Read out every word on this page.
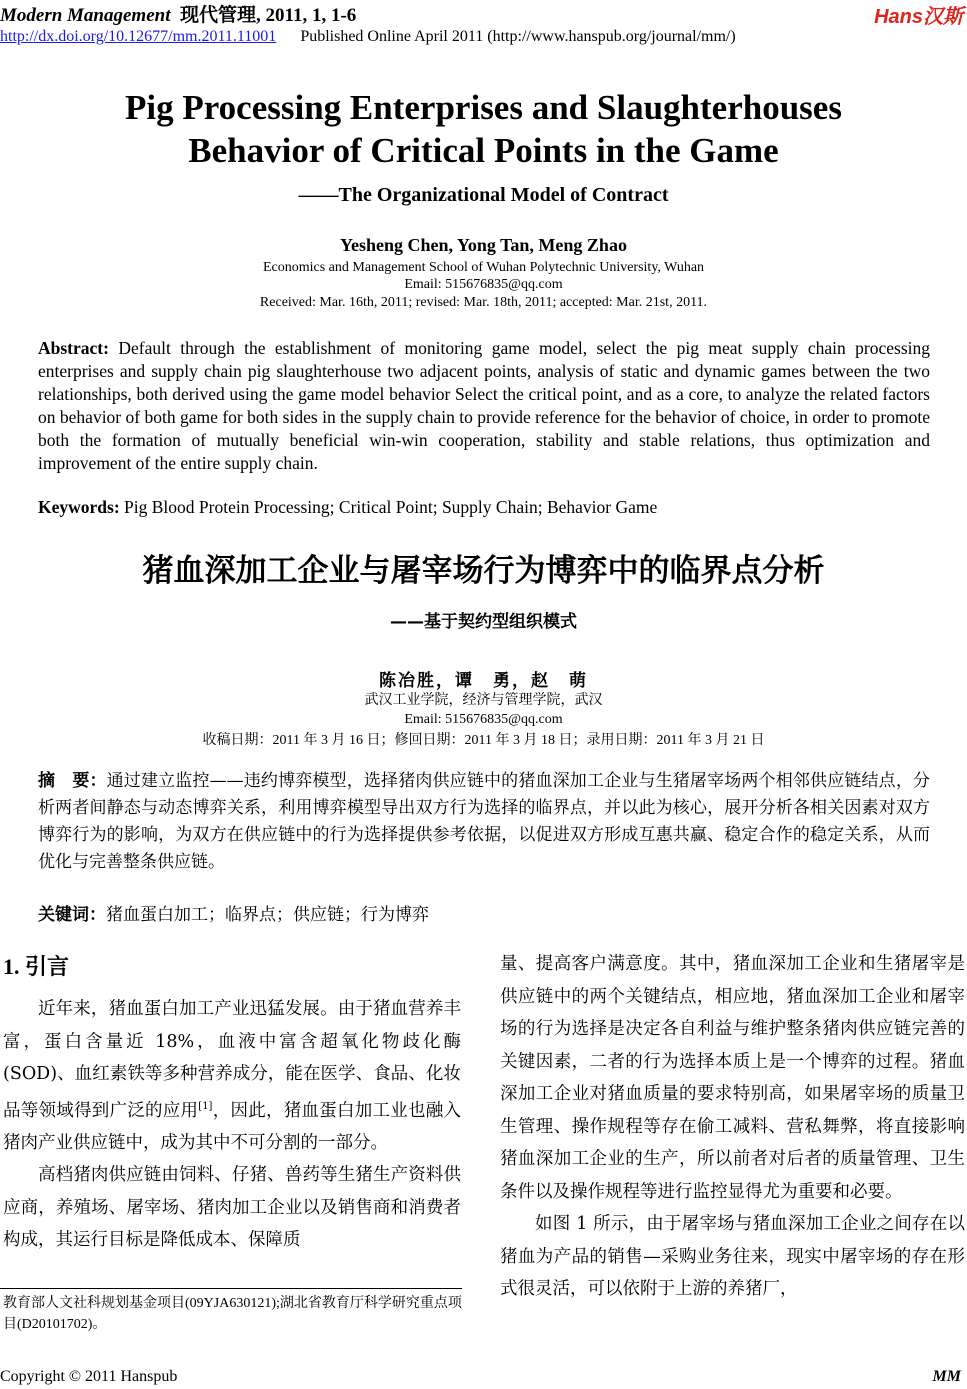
Modern Management 现代管理, 2011, 1, 1-6	Hans汉斯
http://dx.doi.org/10.12677/mm.2011.11001 Published Online April 2011 (http://www.hanspub.org/journal/mm/)
Pig Processing Enterprises and Slaughterhouses
Behavior of Critical Points in the Game
——The Organizational Model of Contract
Yesheng Chen, Yong Tan, Meng Zhao
Economics and Management School of Wuhan Polytechnic University, Wuhan
Email: 515676835@qq.com
Received: Mar. 16th, 2011; revised: Mar. 18th, 2011; accepted: Mar. 21st, 2011.
Abstract: Default through the establishment of monitoring game model, select the pig meat supply chain processing enterprises and supply chain pig slaughterhouse two adjacent points, analysis of static and dynamic games between the two relationships, both derived using the game model behavior Select the critical point, and as a core, to analyze the related factors on behavior of both game for both sides in the supply chain to provide reference for the behavior of choice, in order to promote both the formation of mutually beneficial win-win cooperation, stability and stable relations, thus optimization and improvement of the entire supply chain.
Keywords: Pig Blood Protein Processing; Critical Point; Supply Chain; Behavior Game
猪血深加工企业与屠宰场行为博弈中的临界点分析
——基于契约型组织模式
陈冶胜，谭　勇，赵　萌
武汉工业学院，经济与管理学院，武汉
Email: 515676835@qq.com
收稿日期：2011 年 3 月 16 日；修回日期：2011 年 3 月 18 日；录用日期：2011 年 3 月 21 日
摘　要：通过建立监控——违约博弈模型，选择猪肉供应链中的猪血深加工企业与生猪屠宰场两个相邻供应链结点，分析两者间静态与动态博弈关系，利用博弈模型导出双方行为选择的临界点，并以此为核心，展开分析各相关因素对双方博弈行为的影响，为双方在供应链中的行为选择提供参考依据，以促进双方形成互惠共赢、稳定合作的稳定关系，从而优化与完善整条供应链。
关键词：猪血蛋白加工；临界点；供应链；行为博弈
1. 引言

近年来，猪血蛋白加工产业迅猛发展。由于猪血营养丰富，蛋白含量近 18%，血液中富含超氧化物歧化酶(SOD)、血红素铁等多种营养成分，能在医学、食品、化妆品等领域得到广泛的应用[1]，因此，猪血蛋白加工业也融入猪肉产业供应链中，成为其中不可分割的一部分。

高档猪肉供应链由饲料、仔猪、兽药等生猪生产资料供应商，养殖场、屠宰场、猪肉加工企业以及销售商和消费者构成，其运行目标是降低成本、保障质

量、提高客户满意度。其中，猪血深加工企业和生猪屠宰是供应链中的两个关键结点，相应地，猪血深加工企业和屠宰场的行为选择是决定各自利益与维护整条猪肉供应链完善的关键因素，二者的行为选择本质上是一个博弈的过程。猪血深加工企业对猪血质量的要求特别高，如果屠宰场的质量卫生管理、操作规程等存在偷工减料、营私舞弊，将直接影响猪血深加工企业的生产，所以前者对后者的质量管理、卫生条件以及操作规程等进行监控显得尤为重要和必要。

如图 1 所示，由于屠宰场与猪血深加工企业之间存在以猪血为产品的销售—采购业务往来，现实中屠宰场的存在形式很灵活，可以依附于上游的养猪厂，

教育部人文社科规划基金项目(09YJA630121);湖北省教育厅科学研究重点项目(D20101702)。
Copyright © 2011 Hanspub	MM
